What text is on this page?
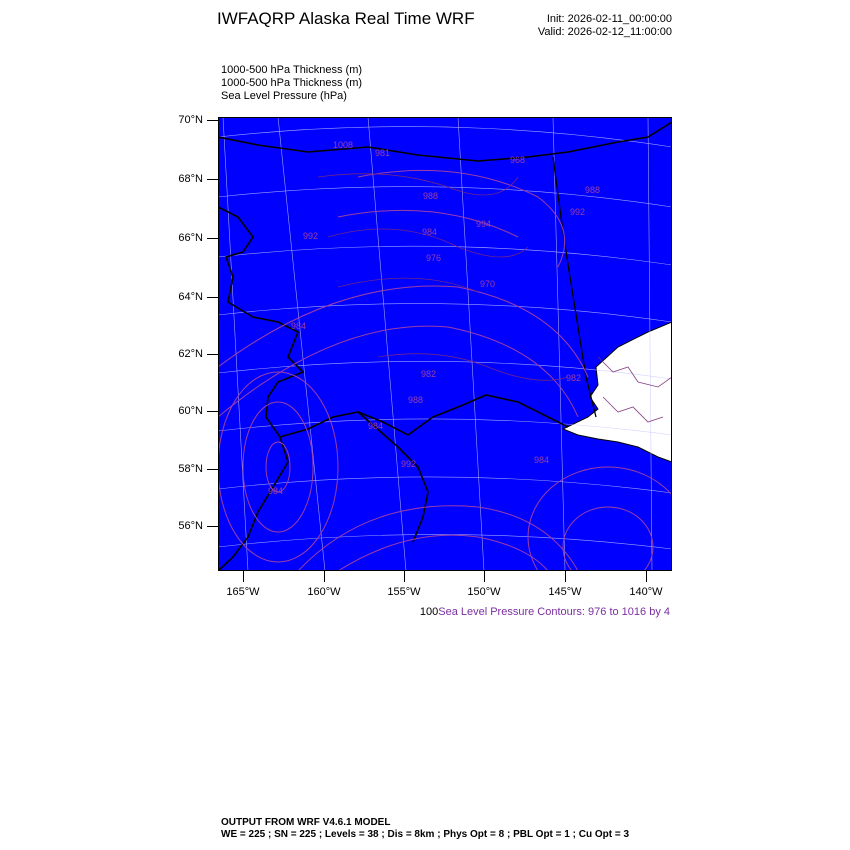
IWFAQRP Alaska Real Time WRF	Init: 2026-02-11_00:00:00
Valid: 2026-02-12_11:00:00
1000-500 hPa Thickness (m)
1000-500 hPa Thickness (m)
Sea Level Pressure (hPa)
1008
981
988
992	984
994
984
982
968
970
988
984
992	984
982
988
992
984
976
70°N
68°N
66°N
64°N
62°N
60°N
58°N
56°N
165°W	160°W	155°W	150°W	145°W	140°W
100Sea Level Pressure Contours: 976 to 1016 by 4
OUTPUT FROM WRF V4.6.1 MODEL
WE = 225 ; SN = 225 ; Levels = 38 ; Dis = 8km ; Phys Opt = 8 ; PBL Opt = 1 ; Cu Opt = 3
